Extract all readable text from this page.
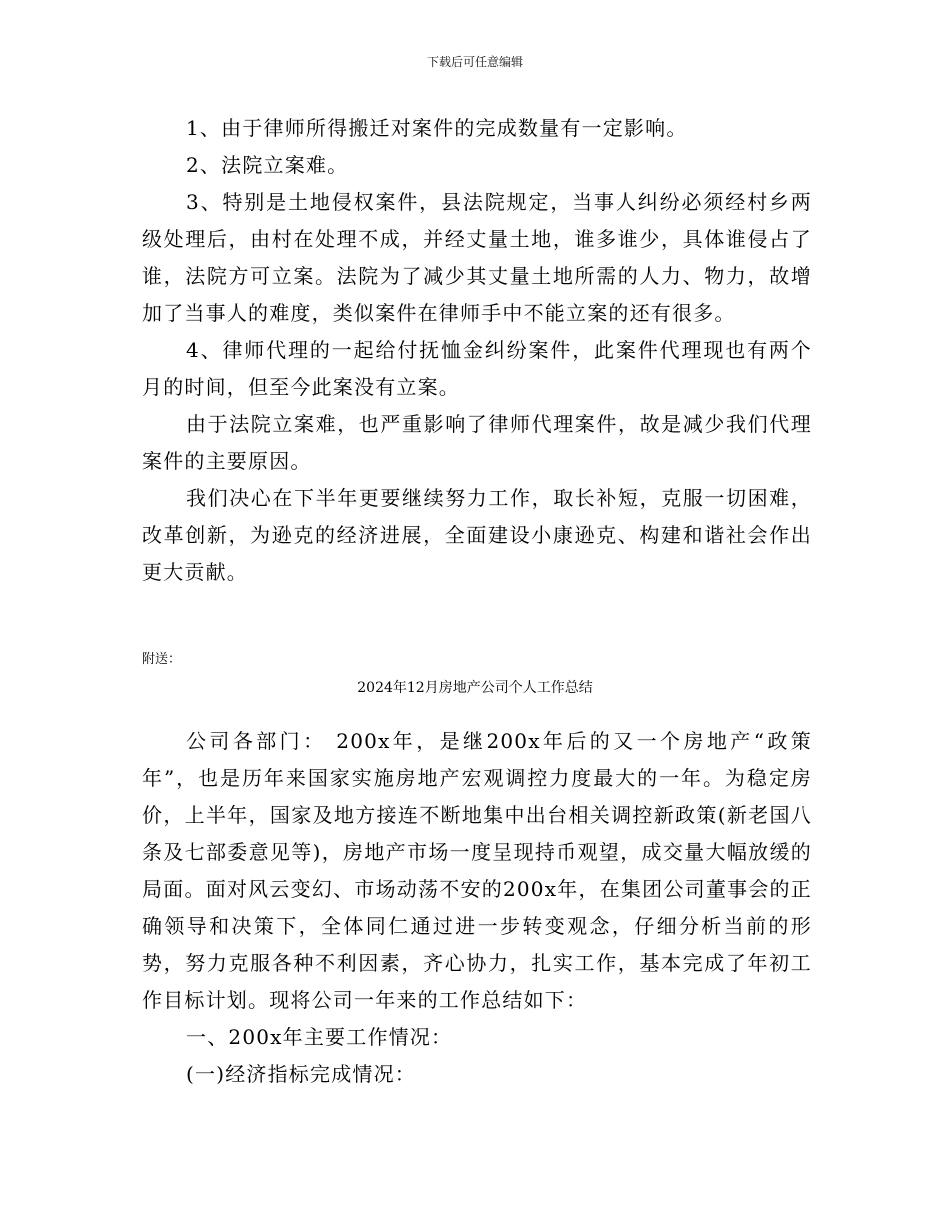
下载后可任意编辑

1、由于律师所得搬迁对案件的完成数量有一定影响。

2、法院立案难。

3、特别是土地侵权案件，县法院规定，当事人纠纷必须经村乡两级处理后，由村在处理不成，并经丈量土地，谁多谁少，具体谁侵占了谁，法院方可立案。法院为了减少其丈量土地所需的人力、物力，故增加了当事人的难度，类似案件在律师手中不能立案的还有很多。

4、律师代理的一起给付抚恤金纠纷案件，此案件代理现也有两个月的时间，但至今此案没有立案。

由于法院立案难，也严重影响了律师代理案件，故是减少我们代理案件的主要原因。

我们决心在下半年更要继续努力工作，取长补短，克服一切困难，改革创新，为逊克的经济进展，全面建设小康逊克、构建和谐社会作出更大贡献。

附送：
2024年12月房地产公司个人工作总结

公司各部门： 200x年，是继200x年后的又一个房地产“政策年”，也是历年来国家实施房地产宏观调控力度最大的一年。为稳定房价，上半年，国家及地方接连不断地集中出台相关调控新政策(新老国八条及七部委意见等)，房地产市场一度呈现持币观望，成交量大幅放缓的局面。面对风云变幻、市场动荡不安的200x年，在集团公司董事会的正确领导和决策下，全体同仁通过进一步转变观念，仔细分析当前的形势，努力克服各种不利因素，齐心协力，扎实工作，基本完成了年初工作目标计划。现将公司一年来的工作总结如下：

一、200x年主要工作情况：

(一)经济指标完成情况：
